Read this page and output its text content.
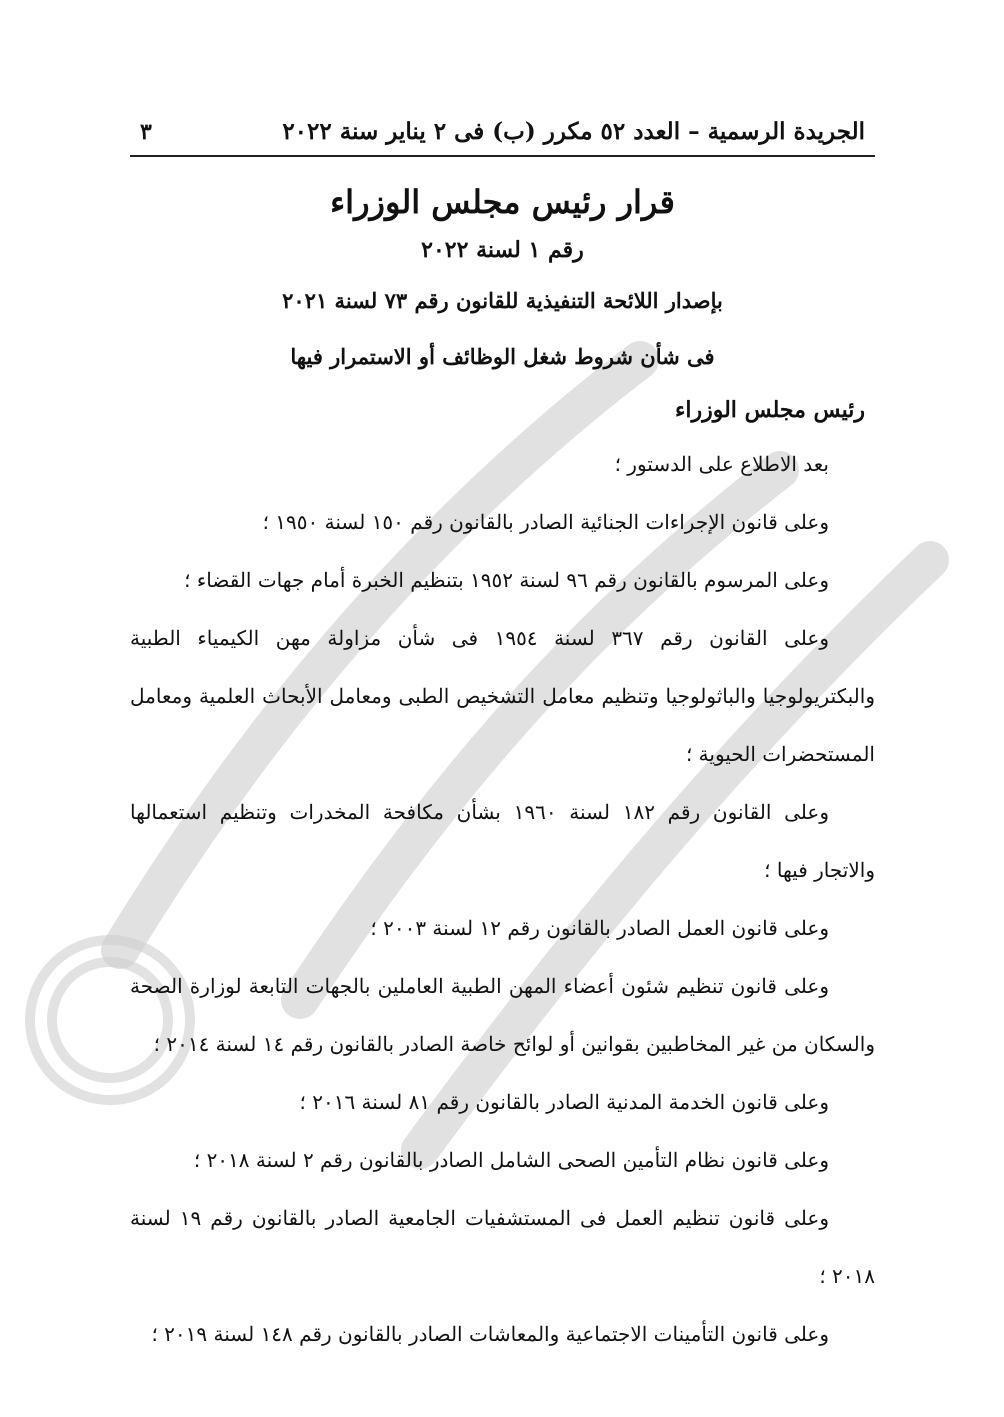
الجريدة الرسمية – العدد ٥٢ مكرر (ب) فى ٢ يناير سنة ٢٠٢٢
٣
قرار رئيس مجلس الوزراء
رقم ١ لسنة ٢٠٢٢
بإصدار اللائحة التنفيذية للقانون رقم ٧٣ لسنة ٢٠٢١
فى شأن شروط شغل الوظائف أو الاستمرار فيها
رئيس مجلس الوزراء
بعد الاطلاع على الدستور ؛
وعلى قانون الإجراءات الجنائية الصادر بالقانون رقم ١٥٠ لسنة ١٩٥٠ ؛
وعلى المرسوم بالقانون رقم ٩٦ لسنة ١٩٥٢ بتنظيم الخبرة أمام جهات القضاء ؛
وعلى القانون رقم ٣٦٧ لسنة ١٩٥٤ فى شأن مزاولة مهن الكيمياء الطبية والبكتريولوجيا والباثولوجيا وتنظيم معامل التشخيص الطبى ومعامل الأبحاث العلمية ومعامل المستحضرات الحيوية ؛
وعلى القانون رقم ١٨٢ لسنة ١٩٦٠ بشأن مكافحة المخدرات وتنظيم استعمالها والاتجار فيها ؛
وعلى قانون العمل الصادر بالقانون رقم ١٢ لسنة ٢٠٠٣ ؛
وعلى قانون تنظيم شئون أعضاء المهن الطبية العاملين بالجهات التابعة لوزارة الصحة والسكان من غير المخاطبين بقوانين أو لوائح خاصة الصادر بالقانون رقم ١٤ لسنة ٢٠١٤ ؛
وعلى قانون الخدمة المدنية الصادر بالقانون رقم ٨١ لسنة ٢٠١٦ ؛
وعلى قانون نظام التأمين الصحى الشامل الصادر بالقانون رقم ٢ لسنة ٢٠١٨ ؛
وعلى قانون تنظيم العمل فى المستشفيات الجامعية الصادر بالقانون رقم ١٩ لسنة ٢٠١٨ ؛
وعلى قانون التأمينات الاجتماعية والمعاشات الصادر بالقانون رقم ١٤٨ لسنة ٢٠١٩ ؛
